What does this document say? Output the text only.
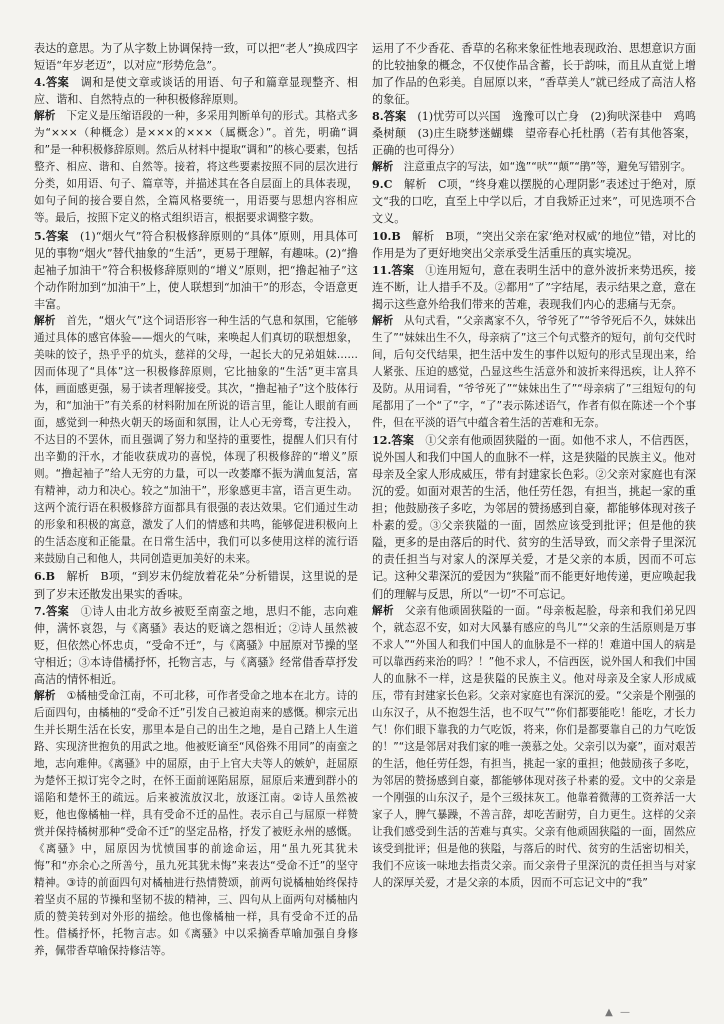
表达的意思。为了从字数上协调保持一致，可以把“老人”换成四字短语“年岁老迈”，以对应“形势危急”。

4.答案　 调和是使文章或谈话的用语、句子和篇章显现整齐、相应、谐和、自然特点的一种积极修辞原则。

解析　 下定义是压缩语段的一种，多采用判断单句的形式。其格式多为“×××（种概念）是×××的×××（属概念）”。首先，明确“调和”是一种积极修辞原则。然后从材料中提取“调和”的核心要素，包括整齐、相应、谐和、自然等。接着，将这些要素按照不同的层次进行分类，如用语、句子、篇章等，并描述其在各自层面上的具体表现，如句子间的接合要自然，全篇风格要统一，用语要与思想内容相应等。最后，按照下定义的格式组织语言，根据要求调整字数。

5.答案　 (1)“烟火气”符合积极修辞原则的“具体”原则，用具体可见的事物“烟火”替代抽象的“生活”，更易于理解，有趣味。(2)“撸起袖子加油干”符合积极修辞原则的“增义”原则，把“撸起袖子”这个动作附加到“加油干”上，使人联想到“加油干”的形态，令语意更丰富。

解析　 首先，“烟火气”这个词语形容一种生活的气息和氛围，它能够通过具体的感官体验——烟火的气味，来唤起人们真切的联想想象，美味的饺子，热乎乎的炕头，慈祥的父母，一起长大的兄弟姐妹……因而体现了“具体”这一积极修辞原则，它比抽象的“生活”更丰富具体，画面感更强，易于读者理解接受。其次，“撸起袖子”这个肢体行为，和“加油干”有关系的材料附加在所说的语言里，能让人眼前有画面，感觉到一种热火朝天的场面和氛围，让人心无旁骛，专注投入，不达目的不罢休，而且强调了努力和坚持的重要性，提醒人们只有付出辛勤的汗水，才能收获成功的喜悦，体现了积极修辞的“增义”原则。“撸起袖子”给人无穷的力量，可以一改萎靡不振为满血复活，富有精神，动力和决心。较之“加油干”，形象感更丰富，语言更生动。这两个流行语在积极修辞方面都具有很强的表达效果。它们通过生动的形象和积极的寓意，激发了人们的情感和共鸣，能够促进积极向上的生活态度和正能量。在日常生活中，我们可以多使用这样的流行语来鼓励自己和他人，共同创造更加美好的未来。

6.B　 解析　B项，“到岁末仍绽放着花朵”分析错误，这里说的是到了岁末还散发出果实的香味。

7.答案　 ①诗人由北方故乡被贬至南蛮之地，思归不能，志向难伸，满怀哀怨，与《离骚》表达的贬谪之怨相近；②诗人虽然被贬，但依然心怀忠贞，“受命不迁”，与《离骚》中屈原对节操的坚守相近；③本诗借橘抒怀，托物言志，与《离骚》经常借香草抒发高洁的情怀相近。

解析　 ①橘柚受命江南，不可北移，可作者受命之地本在北方。诗的后面四句，由橘柚的“受命不迁”引发自己被迫南来的感慨。柳宗元出生并长期生活在长安，那里本是自己的出生之地，是自己踏上人生道路、实现济世抱负的用武之地。他被贬谪至“风俗殊不用同”的南蛮之地，志向难伸。《离骚》中的屈原，由于上官大夫等人的嫉妒，赶屈原为楚怀王拟订宪令之时，在怀王面前诬陷屈原，屈原后来遭到群小的谣陷和楚怀王的疏远。后来被流放汉北，放逐江南。②诗人虽然被贬，他也像橘柚一样，具有受命不迁的品性。表示自己与屈原一样赞赏并保持橘树那种“受命不迁”的坚定品格，抒发了被贬永州的感慨。《离骚》中，屈原因为忧愤国事的前途命运，用“虽九死其犹未悔”和“亦余心之所善兮，虽九死其犹未悔”来表达“受命不迁”的坚守精神。③诗的前面四句对橘柚进行热情赞颂，前两句说橘柚始终保持着坚贞不屈的节操和坚韧不拔的精神，三、四句从上面两句对橘柚内质的赞美转到对外形的描绘。他也像橘柚一样，具有受命不迁的品性。借橘抒怀，托物言志。如《离骚》中以采摘香草喻加强自身修养，佩带香草喻保持修洁等。

运用了不少香花、香草的名称来象征性地表现政治、思想意识方面的比较抽象的概念，不仅使作品含蓄，长于韵味，而且从直觉上增加了作品的色彩美。自屈原以来，“香草美人”就已经成了高洁人格的象征。

8.答案　 (1)忧劳可以兴国　逸豫可以亡身　(2)狗吠深巷中　鸡鸣桑树颠　(3)庄生晓梦迷蝴蝶　望帝春心托杜鹃（若有其他答案，正确的也可得分）

解析　 注意重点字的写法，如“逸”“吠”“颠”“鹃”等，避免写错别字。

9.C　 解析　C项，“终身难以摆脱的心理阴影”表述过于绝对，原文“我的口吃，直至上中学以后，才自我矫正过来”，可见选项不合文义。

10.B　 解析　B项，“突出父亲在家‘绝对权威’的地位”错，对比的作用是为了更好地突出父亲承受生活重压的真实境况。

11.答案　 ①连用短句，意在表明生活中的意外波折来势迅疾，接连不断，让人措手不及。②都用“了”字结尾，表示结果之意，意在揭示这些意外给我们带来的苦难，表现我们内心的悲痛与无奈。

解析　 从句式看，“父亲离家不久，爷爷死了”“爷爷死后不久，妹妹出生了”“妹妹出生不久，母亲病了”这三个句式整齐的短句，前句交代时间，后句交代结果，把生活中发生的事件以短句的形式呈现出来，给人紧张、压迫的感觉，凸显这些生活意外和波折来得迅疾，让人猝不及防。从用词看，“爷爷死了”“妹妹出生了”“母亲病了”三组短句的句尾都用了一个“了”字，“了”表示陈述语气，作者有似在陈述一个个事件，但在平淡的语气中蕴含着生活的苦难和无奈。

12.答案　 ①父亲有他顽固狭隘的一面。如他不求人，不信西医，说外国人和我们中国人的血脉不一样，这是狭隘的民族主义。他对母亲及全家人形成威压，带有封建家长色彩。②父亲对家庭也有深沉的爱。如面对艰苦的生活，他任劳任怨，有担当，挑起一家的重担；他鼓励孩子多吃，为邻居的赞扬感到自豪，都能够体现对孩子朴素的爱。③父亲狭隘的一面，固然应该受到批评；但是他的狭隘，更多的是由落后的时代、贫穷的生活导致，而父亲骨子里深沉的责任担当与对家人的深厚关爱，才是父亲的本质，因而不可忘记。这种父辈深沉的爱因为“狭隘”而不能更好地传递，更应唤起我们的理解与反思，所以“一切”不可忘记。

解析　 父亲有他顽固狭隘的一面。“母亲板起脸，母亲和我们弟兄四个，就态忍不安，如对大风暴有感应的鸟儿”“父亲的生活原则是万事不求人”“外国人和我们中国人的血脉是不一样的！难道中国人的病是可以靠西药来治的吗？！”他不求人，不信西医，说外国人和我们中国人的血脉不一样，这是狭隘的民族主义。他对母亲及全家人形成威压，带有封建家长色彩。父亲对家庭也有深沉的爱。“父亲是个刚强的山东汉子，从不抱怨生活，也不叹气”“你们都要能吃！能吃，才长力气！你们眼下靠我的力气吃饭，将来，你们是都要靠自己的力气吃饭的！”“这是邻居对我们家的唯一羡慕之处。父亲引以为豪”，面对艰苦的生活，他任劳任怨，有担当，挑起一家的重担；他鼓励孩子多吃，为邻居的赞扬感到自豪，都能够体现对孩子朴素的爱。文中的父亲是一个刚强的山东汉子，是个三级抹灰工。他靠着微薄的工资养活一大家子人，脾气暴躁，不善言辞，却吃苦耐劳，自力更生。这样的父亲让我们感受到生活的苦难与真实。父亲有他顽固狭隘的一面，固然应该受到批评；但是他的狭隘，与落后的时代、贫穷的生活密切相关，我们不应该一味地去指责父亲。而父亲骨子里深沉的责任担当与对家人的深厚关爱，才是父亲的本质，因而不可忘记文中的“我”

▲ —
